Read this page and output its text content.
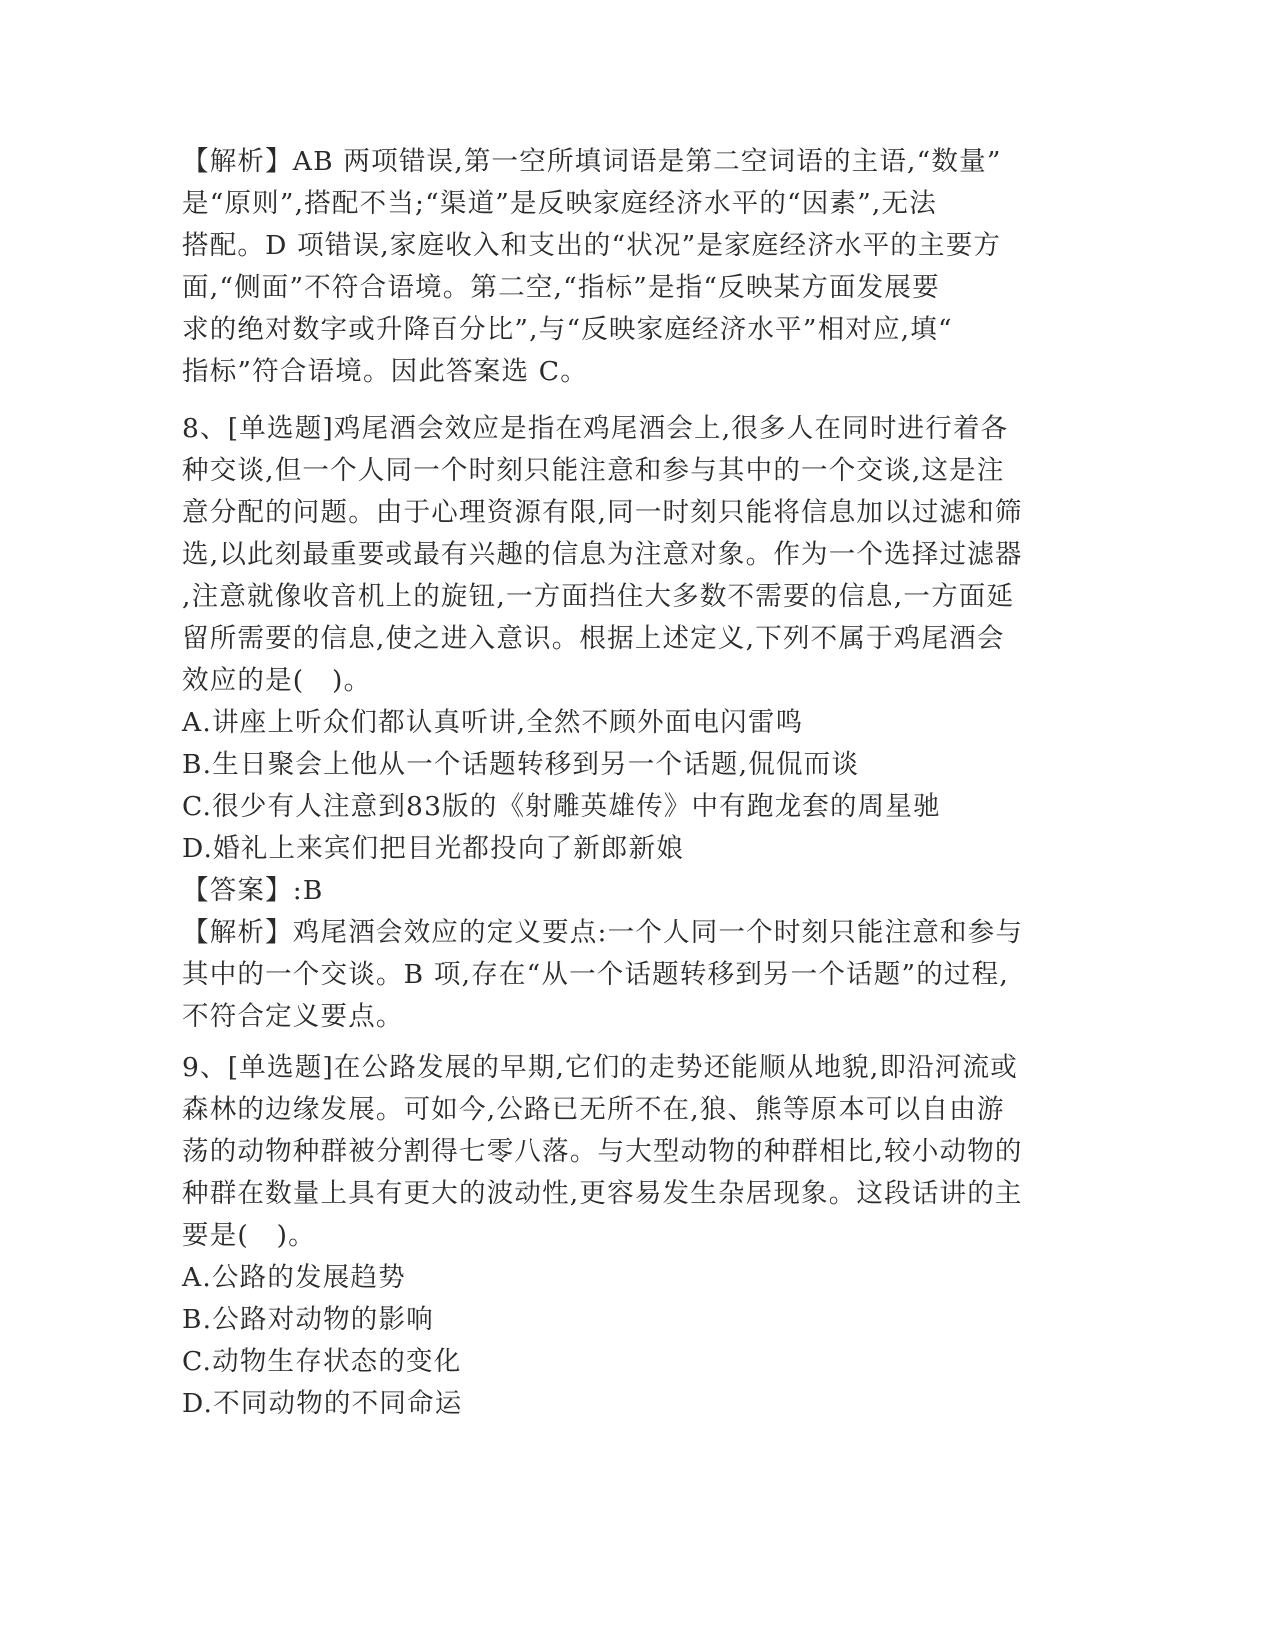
【解析】AB 两项错误,第一空所填词语是第二空词语的主语,“数量”
是“原则”,搭配不当;“渠道”是反映家庭经济水平的“因素”,无法
搭配。D 项错误,家庭收入和支出的“状况”是家庭经济水平的主要方
面,“侧面”不符合语境。第二空,“指标”是指“反映某方面发展要
求的绝对数字或升降百分比”,与“反映家庭经济水平”相对应,填“
指标”符合语境。因此答案选 C。
8、[单选题]鸡尾酒会效应是指在鸡尾酒会上,很多人在同时进行着各
种交谈,但一个人同一个时刻只能注意和参与其中的一个交谈,这是注
意分配的问题。由于心理资源有限,同一时刻只能将信息加以过滤和筛
选,以此刻最重要或最有兴趣的信息为注意对象。作为一个选择过滤器
,注意就像收音机上的旋钮,一方面挡住大多数不需要的信息,一方面延
留所需要的信息,使之进入意识。根据上述定义,下列不属于鸡尾酒会
效应的是(　)。
A.讲座上听众们都认真听讲,全然不顾外面电闪雷鸣
B.生日聚会上他从一个话题转移到另一个话题,侃侃而谈
C.很少有人注意到83版的《射雕英雄传》中有跑龙套的周星驰
D.婚礼上来宾们把目光都投向了新郎新娘
【答案】:B
【解析】鸡尾酒会效应的定义要点:一个人同一个时刻只能注意和参与
其中的一个交谈。B 项,存在“从一个话题转移到另一个话题”的过程,
不符合定义要点。
9、[单选题]在公路发展的早期,它们的走势还能顺从地貌,即沿河流或
森林的边缘发展。可如今,公路已无所不在,狼、熊等原本可以自由游
荡的动物种群被分割得七零八落。与大型动物的种群相比,较小动物的
种群在数量上具有更大的波动性,更容易发生杂居现象。这段话讲的主
要是(　)。
A.公路的发展趋势
B.公路对动物的影响
C.动物生存状态的变化
D.不同动物的不同命运
